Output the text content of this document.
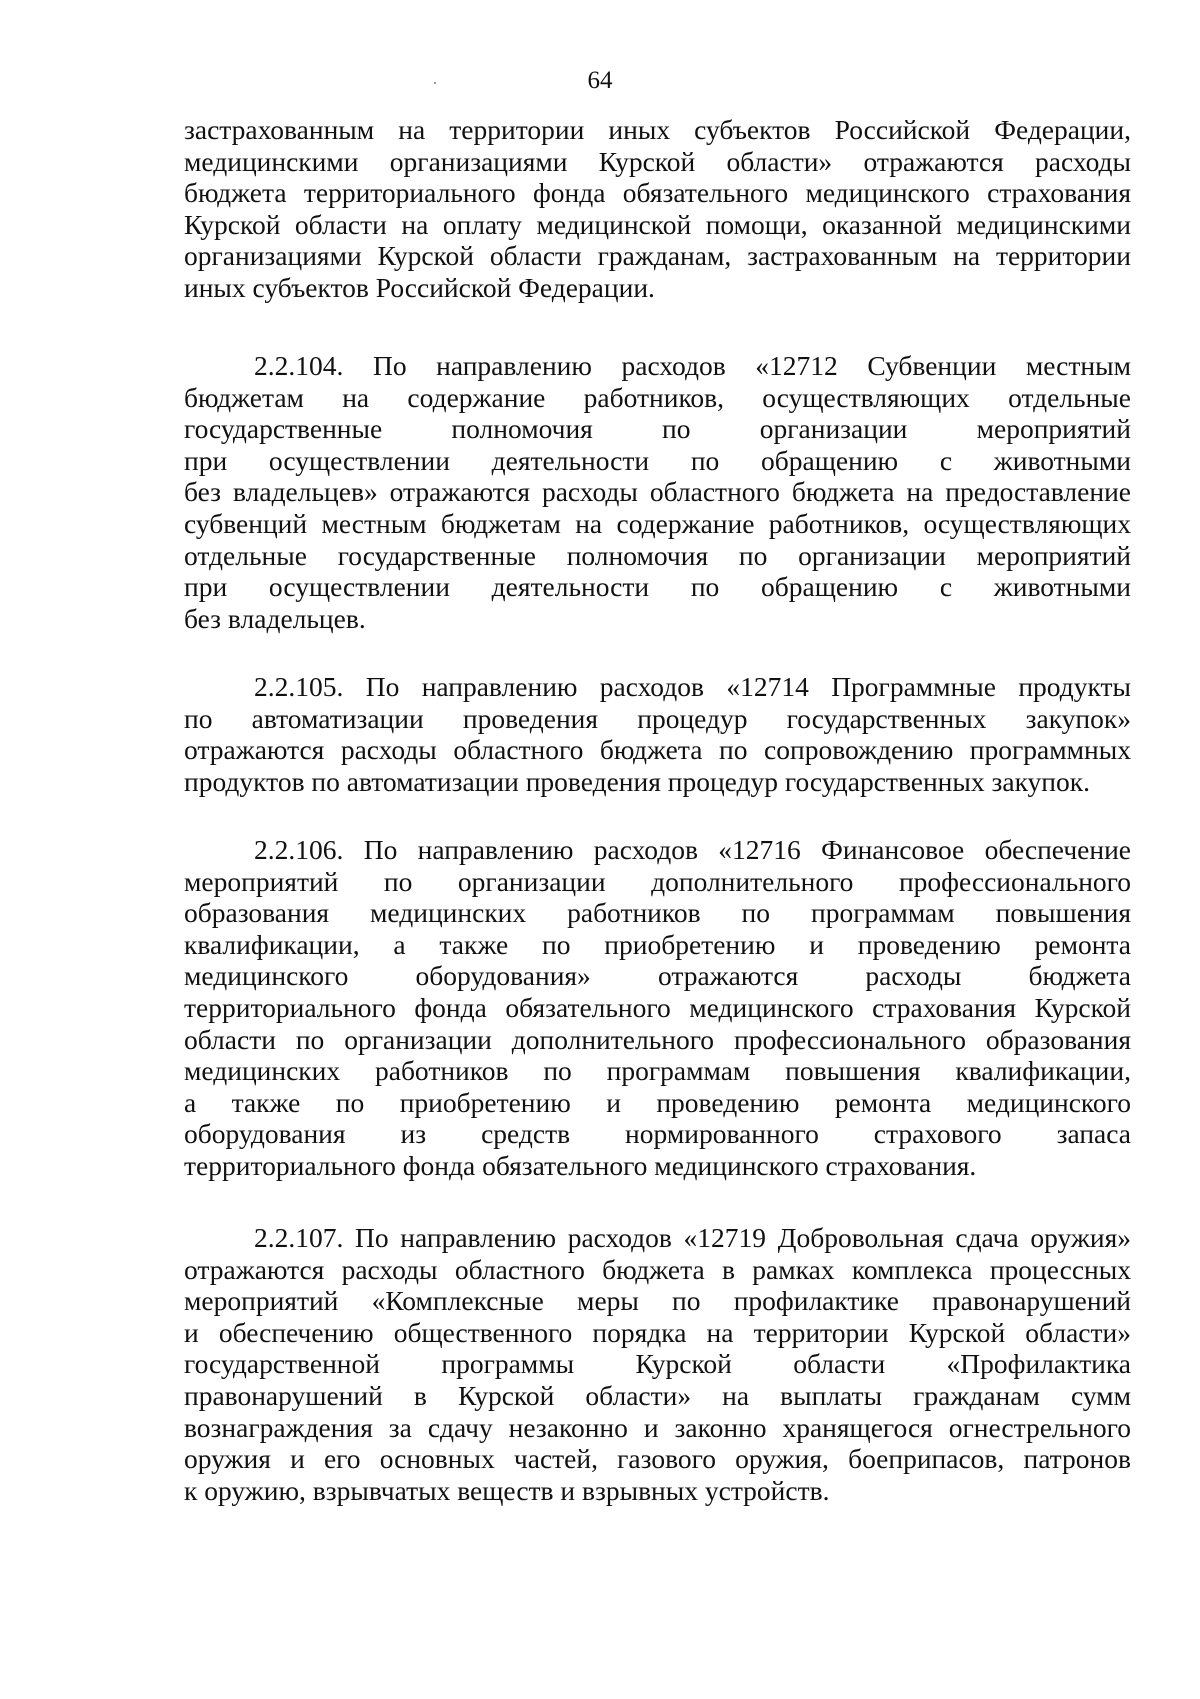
64
застрахованным на территории иных субъектов Российской Федерации,
медицинскими организациями Курской области» отражаются расходы
бюджета территориального фонда обязательного медицинского страхования
Курской области на оплату медицинской помощи, оказанной медицинскими
организациями Курской области гражданам, застрахованным на территории
иных субъектов Российской Федерации.
2.2.104. По направлению расходов «12712 Субвенции местным
бюджетам на содержание работников, осуществляющих отдельные
государственные полномочия по организации мероприятий
при осуществлении деятельности по обращению с животными
без владельцев» отражаются расходы областного бюджета на предоставление
субвенций местным бюджетам на содержание работников, осуществляющих
отдельные государственные полномочия по организации мероприятий
при осуществлении деятельности по обращению с животными
без владельцев.
2.2.105. По направлению расходов «12714 Программные продукты
по автоматизации проведения процедур государственных закупок»
отражаются расходы областного бюджета по сопровождению программных
продуктов по автоматизации проведения процедур государственных закупок.
2.2.106. По направлению расходов «12716 Финансовое обеспечение
мероприятий по организации дополнительного профессионального
образования медицинских работников по программам повышения
квалификации, а также по приобретению и проведению ремонта
медицинского оборудования» отражаются расходы бюджета
территориального фонда обязательного медицинского страхования Курской
области по организации дополнительного профессионального образования
медицинских работников по программам повышения квалификации,
а также по приобретению и проведению ремонта медицинского
оборудования из средств нормированного страхового запаса
территориального фонда обязательного медицинского страхования.
2.2.107. По направлению расходов «12719 Добровольная сдача оружия»
отражаются расходы областного бюджета в рамках комплекса процессных
мероприятий «Комплексные меры по профилактике правонарушений
и обеспечению общественного порядка на территории Курской области»
государственной программы Курской области «Профилактика
правонарушений в Курской области» на выплаты гражданам сумм
вознаграждения за сдачу незаконно и законно хранящегося огнестрельного
оружия и его основных частей, газового оружия, боеприпасов, патронов
к оружию, взрывчатых веществ и взрывных устройств.
